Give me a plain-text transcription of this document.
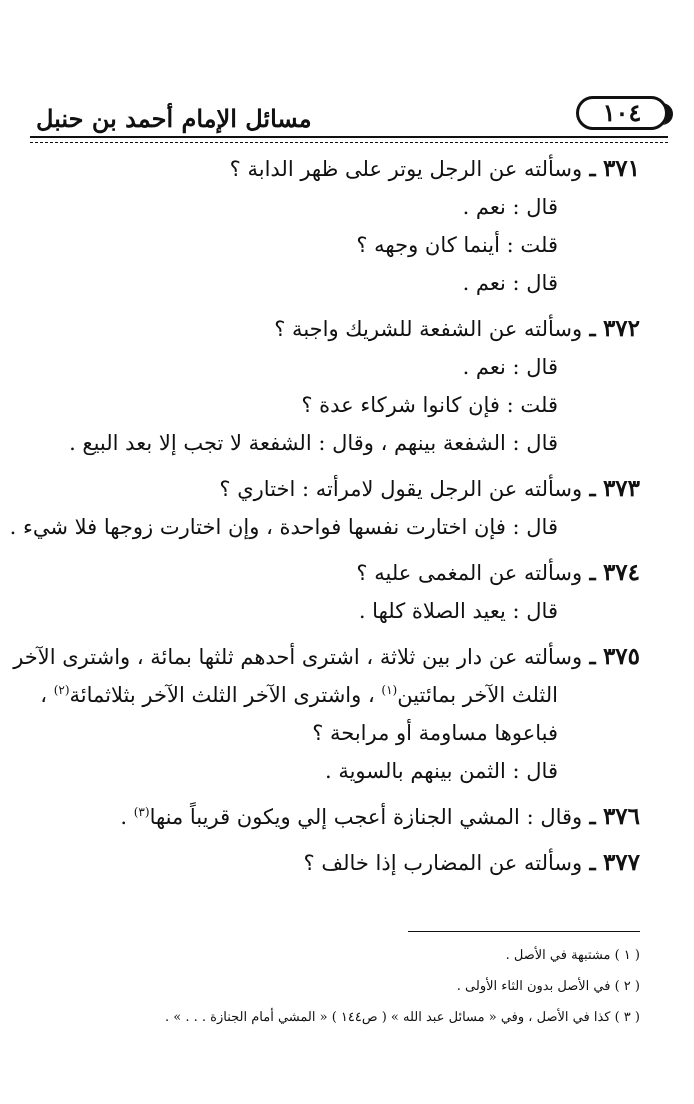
مسائل الإمام أحمد بن حنبل	١٠٤
٣٧١ ـ وسألته عن الرجل يوتر على ظهر الدابة ؟
قال : نعم .
قلت : أينما كان وجهه ؟
قال : نعم .
٣٧٢ ـ وسألته عن الشفعة للشريك واجبة ؟
قال : نعم .
قلت : فإن كانوا شركاء عدة ؟
قال : الشفعة بينهم ، وقال : الشفعة لا تجب إلا بعد البيع .
٣٧٣ ـ وسألته عن الرجل يقول لامرأته : اختاري ؟
قال : فإن اختارت نفسها فواحدة ، وإن اختارت زوجها فلا شيء .
٣٧٤ ـ وسألته عن المغمى عليه ؟
قال : يعيد الصلاة كلها .
٣٧٥ ـ وسألته عن دار بين ثلاثة ، اشترى أحدهم ثلثها بمائة ، واشترى الآخر
الثلث الآخر بمائتين$^{(١)}$ ، واشترى الآخر الثلث الآخر بثلاثمائة$^{(٢)}$ ،
فباعوها مساومة أو مرابحة ؟
قال : الثمن بينهم بالسوية .
٣٧٦ ـ وقال : المشي الجنازة أعجب إلي ويكون قريباً منها$^{(٣)}$ .
٣٧٧ ـ وسألته عن المضارب إذا خالف ؟
( ١ ) مشتبهة في الأصل .
( ٢ ) في الأصل بدون الثاء الأولى .
( ٣ ) كذا في الأصل ، وفي « مسائل عبد الله » ( ص١٤٤ ) « المشي أمام الجنازة . . . » .
